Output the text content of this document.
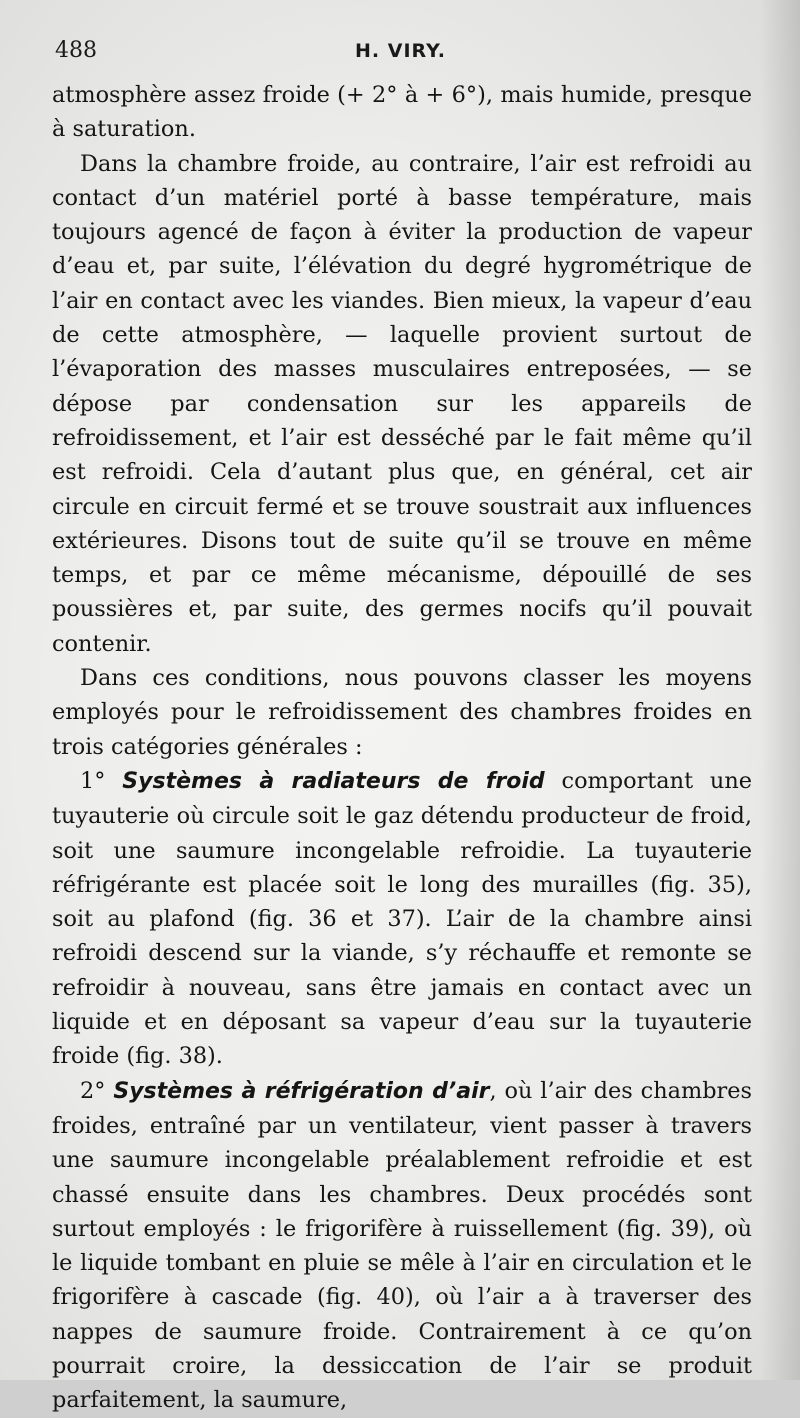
488	H. VIRY.

atmosphère assez froide (+ 2° à + 6°), mais humide, presque à saturation.

Dans la chambre froide, au contraire, l’air est refroidi au contact d’un matériel porté à basse température, mais toujours agencé de façon à éviter la production de vapeur d’eau et, par suite, l’élévation du degré hygrométrique de l’air en contact avec les viandes. Bien mieux, la vapeur d’eau de cette atmosphère, — laquelle provient surtout de l’évaporation des masses musculaires entreposées, — se dépose par condensation sur les appareils de refroidissement, et l’air est desséché par le fait même qu’il est refroidi. Cela d’autant plus que, en général, cet air circule en circuit fermé et se trouve soustrait aux influences extérieures. Disons tout de suite qu’il se trouve en même temps, et par ce même mécanisme, dépouillé de ses poussières et, par suite, des germes nocifs qu’il pouvait contenir.

Dans ces conditions, nous pouvons classer les moyens employés pour le refroidissement des chambres froides en trois catégories générales :

1° Systèmes à radiateurs de froid comportant une tuyauterie où circule soit le gaz détendu producteur de froid, soit une saumure incongelable refroidie. La tuyauterie réfrigérante est placée soit le long des murailles (fig. 35), soit au plafond (fig. 36 et 37). L’air de la chambre ainsi refroidi descend sur la viande, s’y réchauffe et remonte se refroidir à nouveau, sans être jamais en contact avec un liquide et en déposant sa vapeur d’eau sur la tuyauterie froide (fig. 38).

2° Systèmes à réfrigération d’air, où l’air des chambres froides, entraîné par un ventilateur, vient passer à travers une saumure incongelable préalablement refroidie et est chassé ensuite dans les chambres. Deux procédés sont surtout employés : le frigorifère à ruissellement (fig. 39), où le liquide tombant en pluie se mêle à l’air en circulation et le frigorifère à cascade (fig. 40), où l’air a à traverser des nappes de saumure froide. Contrairement à ce qu’on pourrait croire, la dessiccation de l’air se produit parfaitement, la saumure,
